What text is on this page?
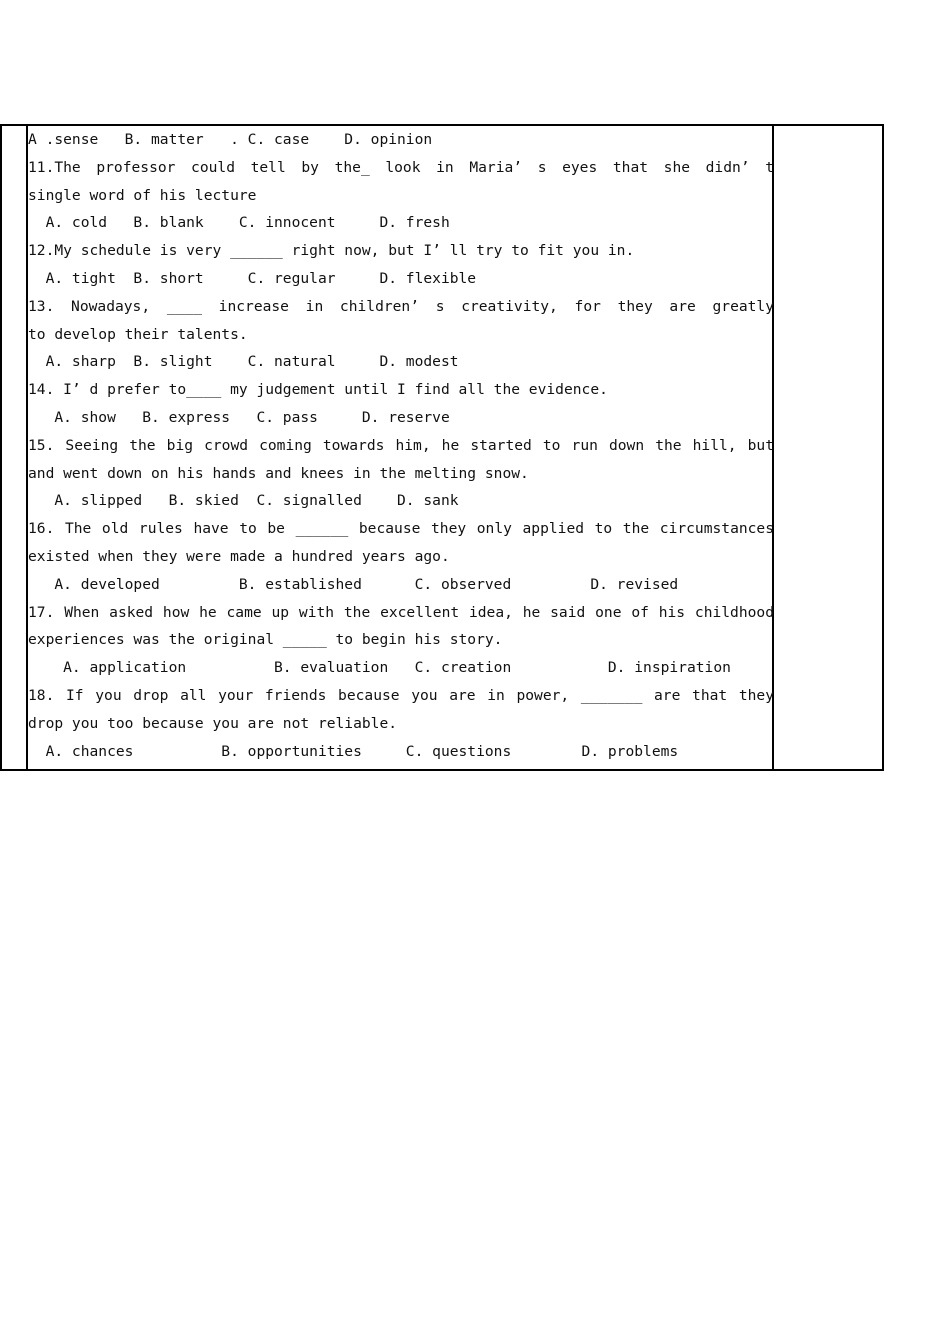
A .sense   B. matter   . C. case    D. opinion
11.The professor could tell by the_ look in Maria’ s eyes that she didn’ t
single word of his lecture
A. cold   B. blank    C. innocent     D. fresh
12.My schedule is very ______ right now, but I’ ll try to fit you in.
A. tight  B. short     C. regular     D. flexible
13. Nowadays, ____ increase in children’ s creativity, for they are greatly
to develop their talents.
A. sharp  B. slight    C. natural     D. modest
14. I’ d prefer to____ my judgement until I find all the evidence.
A. show   B. express   C. pass     D. reserve
15. Seeing the big crowd coming towards him, he started to run down the hill, but
and went down on his hands and knees in the melting snow.
A. slipped   B. skied  C. signalled    D. sank
16. The old rules have to be ______ because they only applied to the circumstances
existed when they were made a hundred years ago.
A. developed         B. established      C. observed         D. revised
17. When asked how he came up with the excellent idea, he said one of his childhood
experiences was the original _____ to begin his story.
A. application          B. evaluation   C. creation           D. inspiration
18. If you drop all your friends because you are in power, _______ are that they
drop you too because you are not reliable.
A. chances          B. opportunities     C. questions        D. problems
